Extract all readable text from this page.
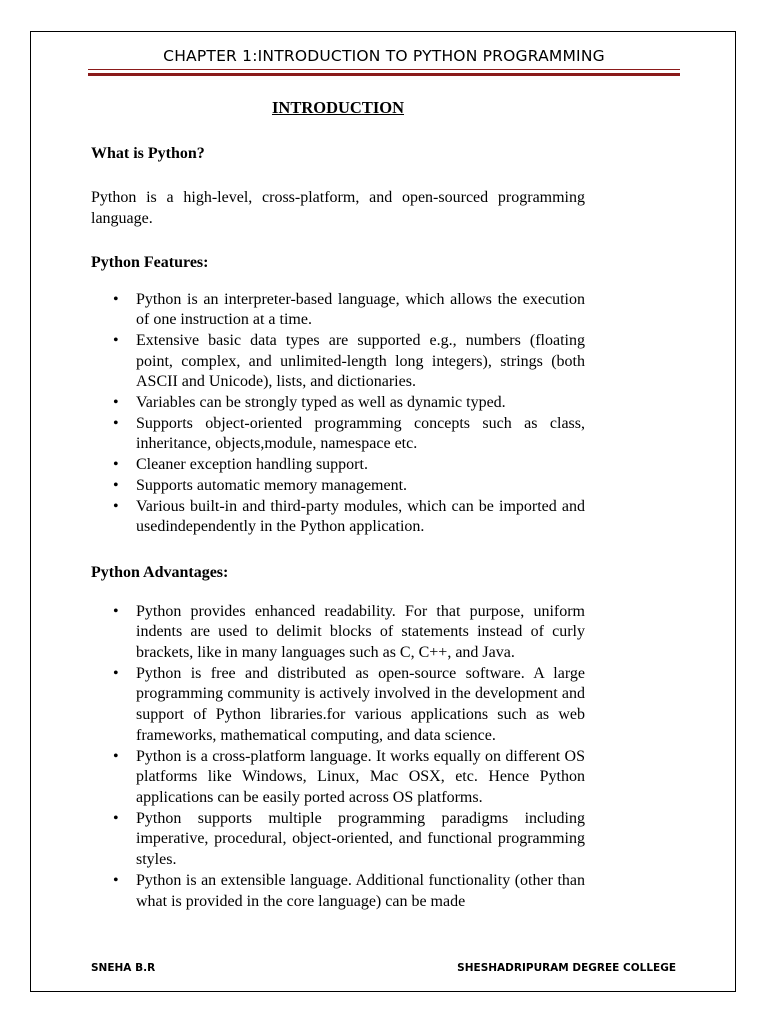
CHAPTER 1:INTRODUCTION TO PYTHON PROGRAMMING
INTRODUCTION
What is Python?
Python is a high-level, cross-platform, and open-sourced programming language.
Python Features:
• Python is an interpreter-based language, which allows the execution of one instruction at a time.
• Extensive basic data types are supported e.g., numbers (floating point, complex, and unlimited-length long integers), strings (both ASCII and Unicode), lists, and dictionaries.
• Variables can be strongly typed as well as dynamic typed.
• Supports object-oriented programming concepts such as class, inheritance, objects,module, namespace etc.
• Cleaner exception handling support.
• Supports automatic memory management.
• Various built-in and third-party modules, which can be imported and usedindependently in the Python application.
Python Advantages:
• Python provides enhanced readability. For that purpose, uniform indents are used to delimit blocks of statements instead of curly brackets, like in many languages such as C, C++, and Java.
• Python is free and distributed as open-source software. A large programming community is actively involved in the development and support of Python libraries.for various applications such as web frameworks, mathematical computing, and data science.
• Python is a cross-platform language. It works equally on different OS platforms like Windows, Linux, Mac OSX, etc. Hence Python applications can be easily ported across OS platforms.
• Python supports multiple programming paradigms including imperative, procedural, object-oriented, and functional programming styles.
• Python is an extensible language. Additional functionality (other than what is provided in the core language) can be made
SNEHA B.R	SHESHADRIPURAM DEGREE COLLEGE
